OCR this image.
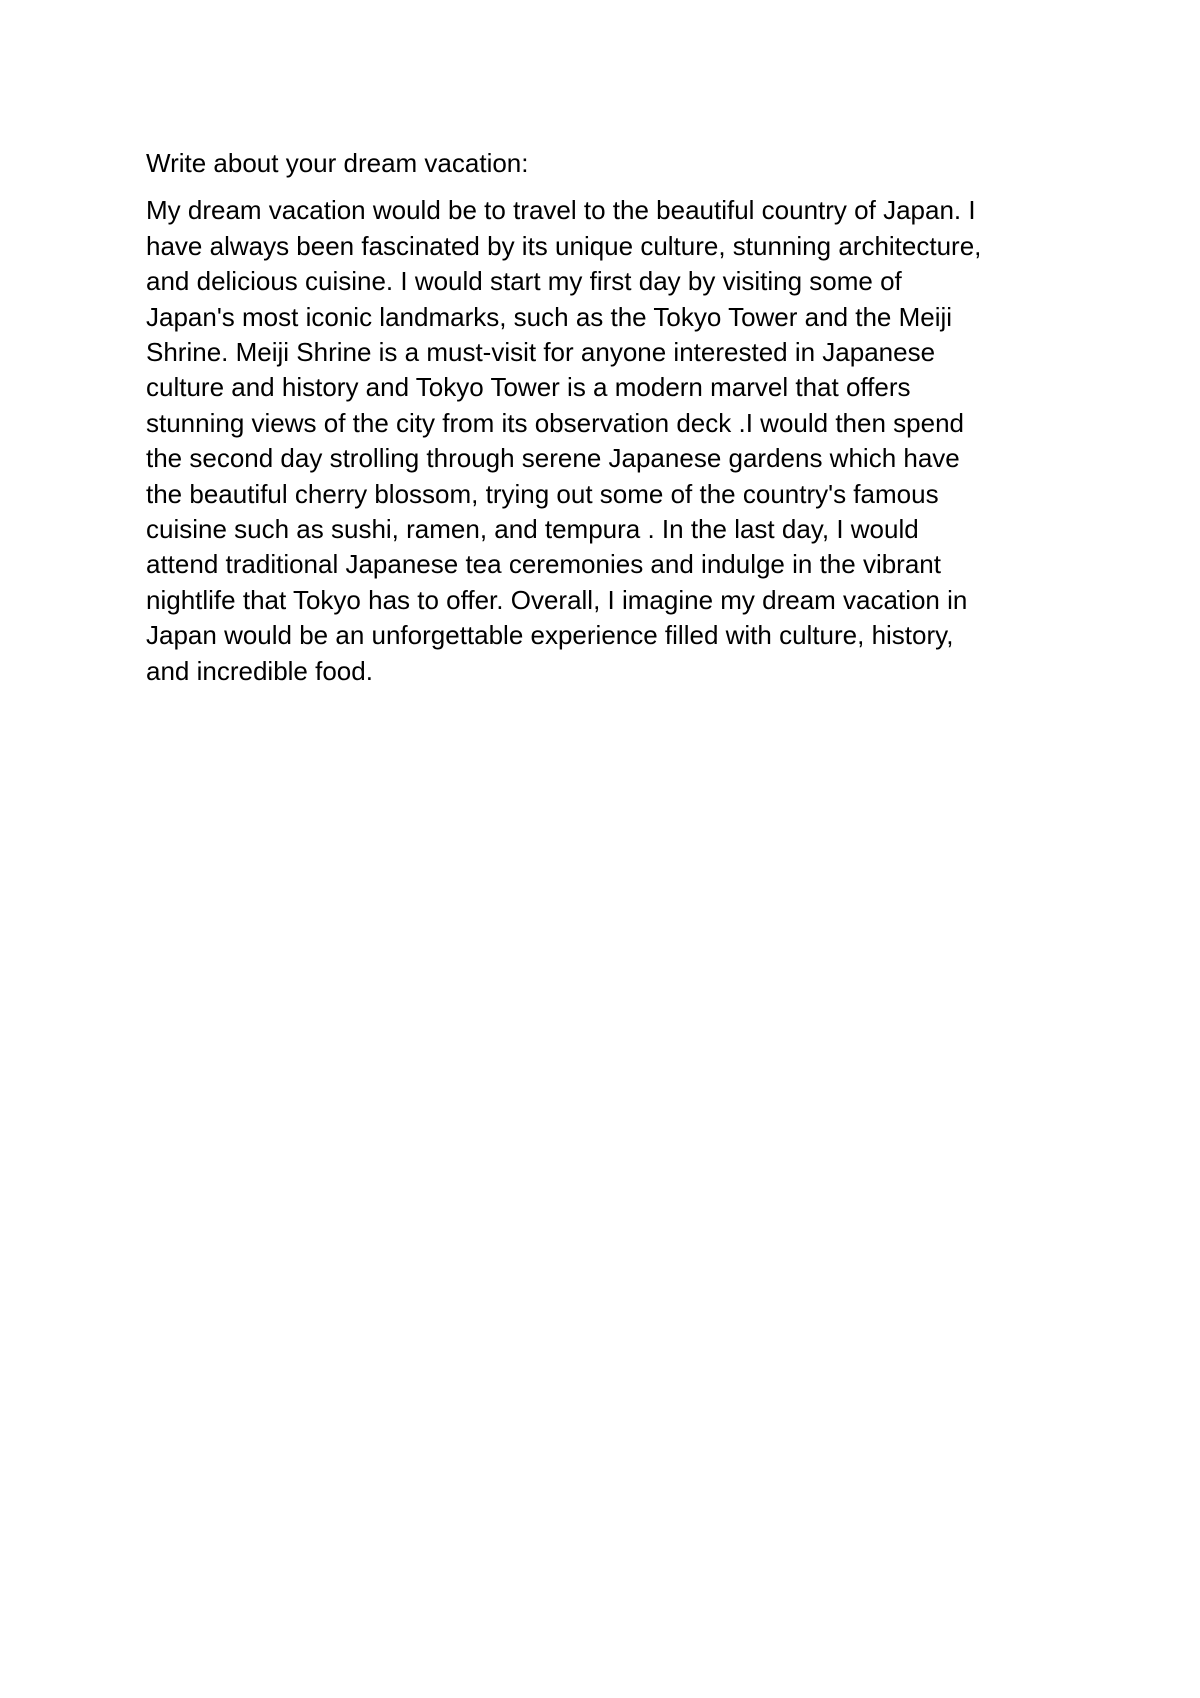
Write about your dream vacation:
My dream vacation would be to travel to the beautiful country of Japan. I
have always been fascinated by its unique culture, stunning architecture,
and delicious cuisine. I would start my first day by visiting some of
Japan's most iconic landmarks, such as the Tokyo Tower and the Meiji
Shrine. Meiji Shrine is a must-visit for anyone interested in Japanese
culture and history and Tokyo Tower is a modern marvel that offers
stunning views of the city from its observation deck .I would then spend
the second day strolling through serene Japanese gardens which have
the beautiful cherry blossom, trying out some of the country's famous
cuisine such as sushi, ramen, and tempura . In the last day, I would
attend traditional Japanese tea ceremonies and indulge in the vibrant
nightlife that Tokyo has to offer. Overall, I imagine my dream vacation in
Japan would be an unforgettable experience filled with culture, history,
and incredible food.
